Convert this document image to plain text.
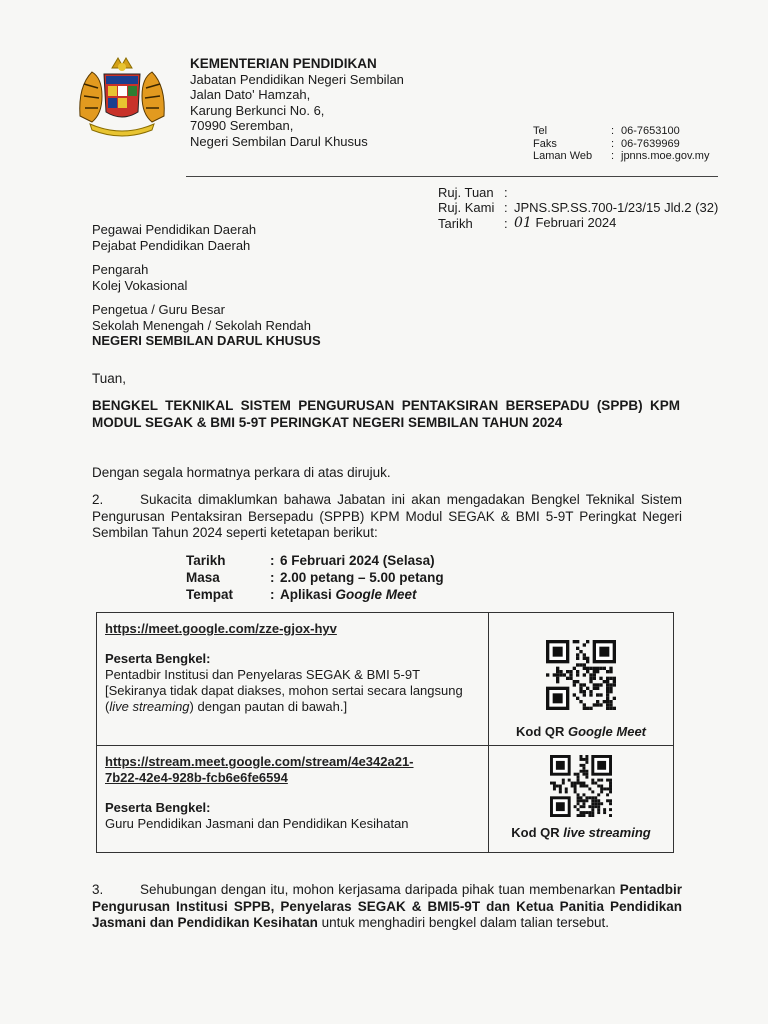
KEMENTERIAN PENDIDIKAN
Jabatan Pendidikan Negeri Sembilan
Jalan Dato' Hamzah,
Karung Berkunci No. 6,
70990 Seremban,
Negeri Sembilan Darul Khusus
Tel	:	06-7653100
Faks	:	06-7639969
Laman Web	:	jpnns.moe.gov.my
Ruj. Tuan	:	
Ruj. Kami	:	JPNS.SP.SS.700-1/23/15 Jld.2 (32)
Tarikh	:	01 Februari 2024

Pegawai Pendidikan Daerah
Pejabat Pendidikan Daerah

Pengarah
Kolej Vokasional

Pengetua / Guru Besar
Sekolah Menengah / Sekolah Rendah
NEGERI SEMBILAN DARUL KHUSUS

Tuan,
BENGKEL TEKNIKAL SISTEM PENGURUSAN PENTAKSIRAN BERSEPADU (SPPB) KPM MODUL SEGAK & BMI 5-9T PERINGKAT NEGERI SEMBILAN TAHUN 2024
Dengan segala hormatnya perkara di atas dirujuk.
2.	Sukacita dimaklumkan bahawa Jabatan ini akan mengadakan Bengkel Teknikal Sistem Pengurusan Pentaksiran Bersepadu (SPPB) KPM Modul SEGAK & BMI 5-9T Peringkat Negeri Sembilan Tahun 2024 seperti ketetapan berikut:
Tarikh	:	6 Februari 2024 (Selasa)
Masa	:	2.00 petang – 5.00 petang
Tempat	:	Aplikasi Google Meet
https://meet.google.com/zze-gjox-hyv
Peserta Bengkel:
Pentadbir Institusi dan Penyelaras SEGAK & BMI 5-9T
[Sekiranya tidak dapat diakses, mohon sertai secara langsung (live streaming) dengan pautan di bawah.]	Kod QR Google Meet

https://stream.meet.google.com/stream/4e342a21-
7b22-42e4-928b-fcb6e6fe6594
Peserta Bengkel:
Guru Pendidikan Jasmani dan Pendidikan Kesihatan	Kod QR live streaming
3.	Sehubungan dengan itu, mohon kerjasama daripada pihak tuan membenarkan Pentadbir Pengurusan Institusi SPPB, Penyelaras SEGAK & BMI5-9T dan Ketua Panitia Pendidikan Jasmani dan Pendidikan Kesihatan untuk menghadiri bengkel dalam talian tersebut.
